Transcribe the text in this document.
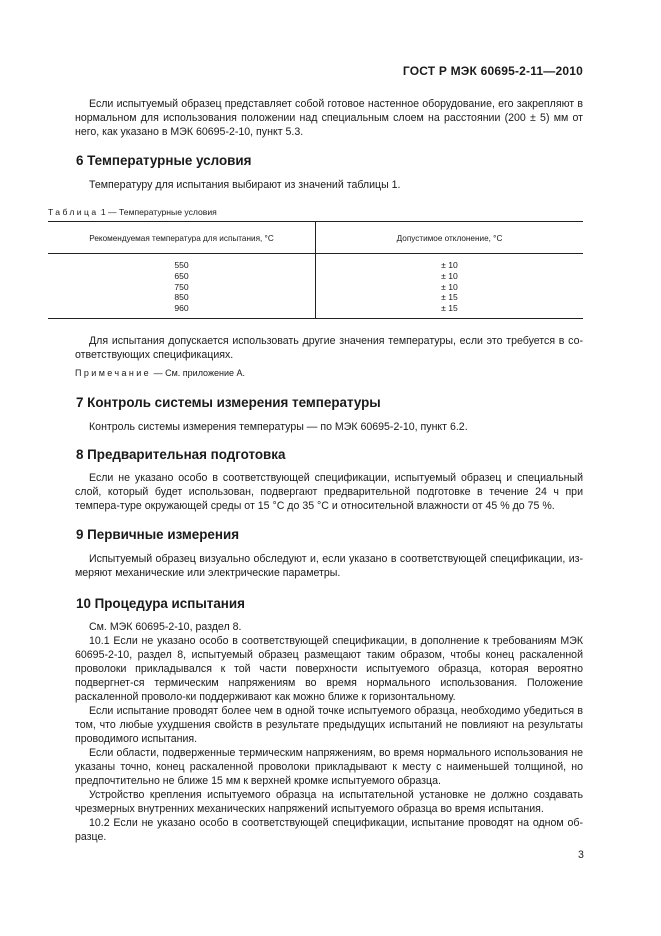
ГОСТ Р МЭК 60695-2-11—2010
Если испытуемый образец представляет собой готовое настенное оборудование, его закрепляют в нормальном для использования положении над специальным слоем на расстоянии (200 ± 5) мм от него, как указано в МЭК 60695-2-10, пункт 5.3.
6 Температурные условия
Температуру для испытания выбирают из значений таблицы 1.
Таблица 1 — Температурные условия
Рекомендуемая температура для испытания, °С	Допустимое отклонение, °С
550
650
750
850
960
± 10
± 10
± 10
± 15
± 15
Для испытания допускается использовать другие значения температуры, если это требуется в со-ответствующих спецификациях.
Примечание — См. приложение А.
7 Контроль системы измерения температуры
Контроль системы измерения температуры — по МЭК 60695-2-10, пункт 6.2.
8 Предварительная подготовка
Если не указано особо в соответствующей спецификации, испытуемый образец и специальный слой, который будет использован, подвергают предварительной подготовке в течение 24 ч при темпера-туре окружающей среды от 15 °С до 35 °С и относительной влажности от 45 % до 75 %.
9 Первичные измерения
Испытуемый образец визуально обследуют и, если указано в соответствующей спецификации, из-меряют механические или электрические параметры.
10 Процедура испытания
См. МЭК 60695-2-10, раздел 8.
10.1 Если не указано особо в соответствующей спецификации, в дополнение к требованиям МЭК 60695-2-10, раздел 8, испытуемый образец размещают таким образом, чтобы конец раскаленной проволоки прикладывался к той части поверхности испытуемого образца, которая вероятно подвергнет-ся термическим напряжениям во время нормального использования. Положение раскаленной проволо-ки поддерживают как можно ближе к горизонтальному.
Если испытание проводят более чем в одной точке испытуемого образца, необходимо убедиться в том, что любые ухудшения свойств в результате предыдущих испытаний не повлияют на результаты проводимого испытания.
Если области, подверженные термическим напряжениям, во время нормального использования не указаны точно, конец раскаленной проволоки прикладывают к месту с наименьшей толщиной, но предпочтительно не ближе 15 мм к верхней кромке испытуемого образца.
Устройство крепления испытуемого образца на испытательной установке не должно создавать чрезмерных внутренних механических напряжений испытуемого образца во время испытания.
10.2 Если не указано особо в соответствующей спецификации, испытание проводят на одном об-разце.
3
